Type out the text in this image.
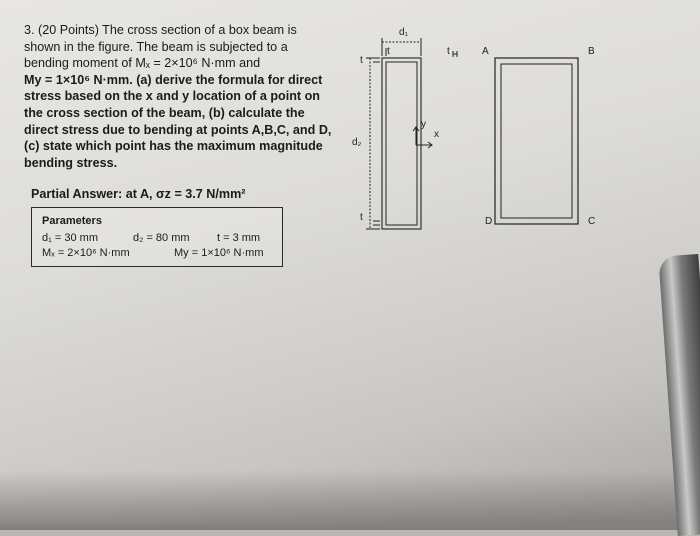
3. (20 Points) The cross section of a box beam is
shown in the figure. The beam is subjected to a
bending moment of Mₓ = 2×10⁶ N·mm and
My = 1×10⁶ N·mm. (a) derive the formula for direct
stress based on the x and y location of a point on
the cross section of the beam, (b) calculate the
direct stress due to bending at points A,B,C, and D,
(c) state which point has the maximum magnitude
bending stress.
Partial Answer: at A, σz = 3.7 N/mm²
Parameters
d₁ = 30 mm	d₂ = 80 mm t = 3 mm
Mₓ = 2×10⁶ N·mm	My = 1×10⁶ N·mm
d₁
d₂
t
t
t
t	A	B
C
D
y
x
